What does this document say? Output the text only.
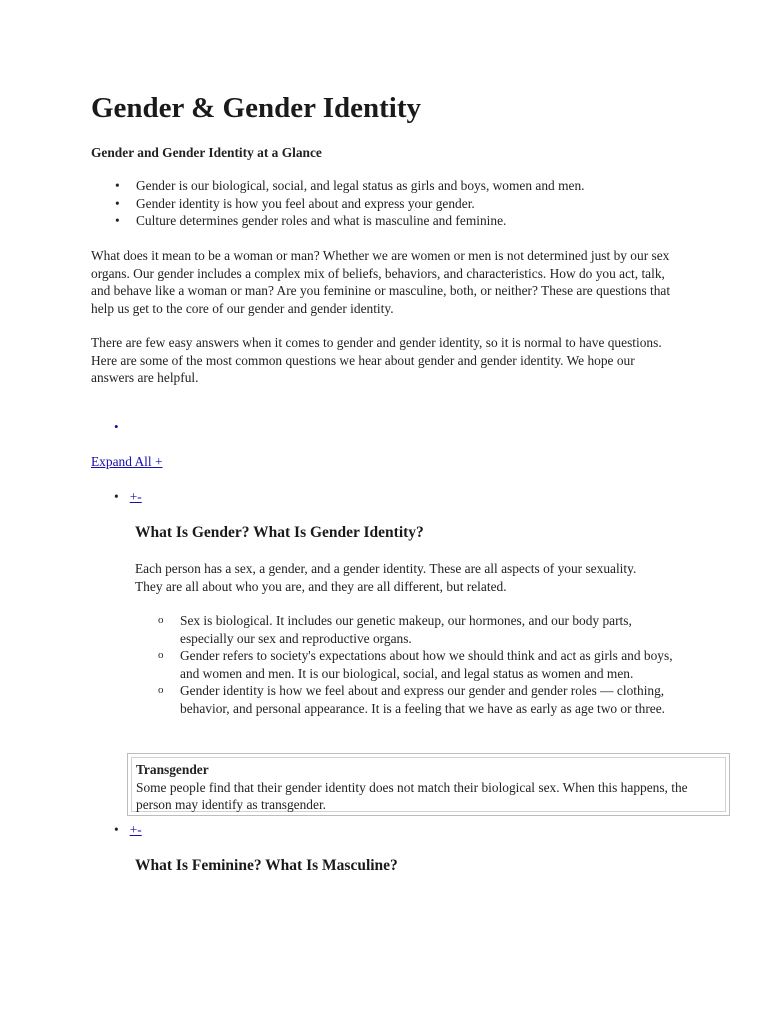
Gender & Gender Identity

Gender and Gender Identity at a Glance

• Gender is our biological, social, and legal status as girls and boys, women and men.
• Gender identity is how you feel about and express your gender.
• Culture determines gender roles and what is masculine and feminine.

What does it mean to be a woman or man? Whether we are women or men is not determined just by our sex organs. Our gender includes a complex mix of beliefs, behaviors, and characteristics. How do you act, talk, and behave like a woman or man? Are you feminine or masculine, both, or neither? These are questions that help us get to the core of our gender and gender identity.

There are few easy answers when it comes to gender and gender identity, so it is normal to have questions. Here are some of the most common questions we hear about gender and gender identity. We hope our answers are helpful.

•
Expand All +
• +-
What Is Gender? What Is Gender Identity?

Each person has a sex, a gender, and a gender identity. These are all aspects of your sexuality. They are all about who you are, and they are all different, but related.

o Sex is biological. It includes our genetic makeup, our hormones, and our body parts, especially our sex and reproductive organs.
o Gender refers to society's expectations about how we should think and act as girls and boys, and women and men. It is our biological, social, and legal status as women and men.
o Gender identity is how we feel about and express our gender and gender roles — clothing, behavior, and personal appearance. It is a feeling that we have as early as age two or three.
Transgender
Some people find that their gender identity does not match their biological sex. When this happens, the person may identify as transgender.
• +-
What Is Feminine? What Is Masculine?
